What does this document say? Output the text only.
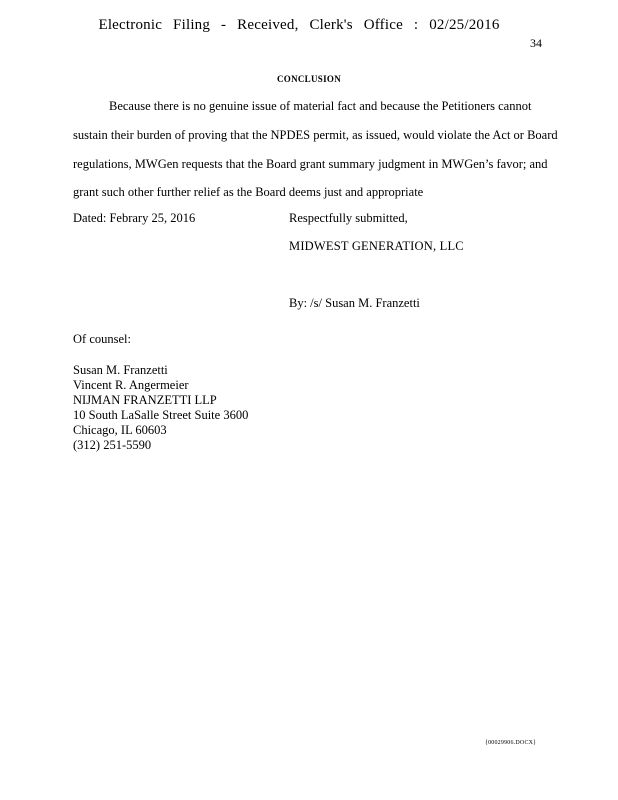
Electronic Filing - Received, Clerk's Office : 02/25/2016
34
CONCLUSION
Because there is no genuine issue of material fact and because the Petitioners cannot
sustain their burden of proving that the NPDES permit, as issued, would violate the Act or Board
regulations, MWGen requests that the Board grant summary judgment in MWGen’s favor; and
grant such other further relief as the Board deems just and appropriate
Dated: Febrary 25, 2016	Respectfully submitted,
MIDWEST GENERATION, LLC
By: /s/ Susan M. Franzetti
Of counsel:
Susan M. Franzetti
Vincent R. Angermeier
NIJMAN FRANZETTI LLP
10 South LaSalle Street Suite 3600
Chicago, IL 60603
(312) 251-5590
{00029906.DOCX}
